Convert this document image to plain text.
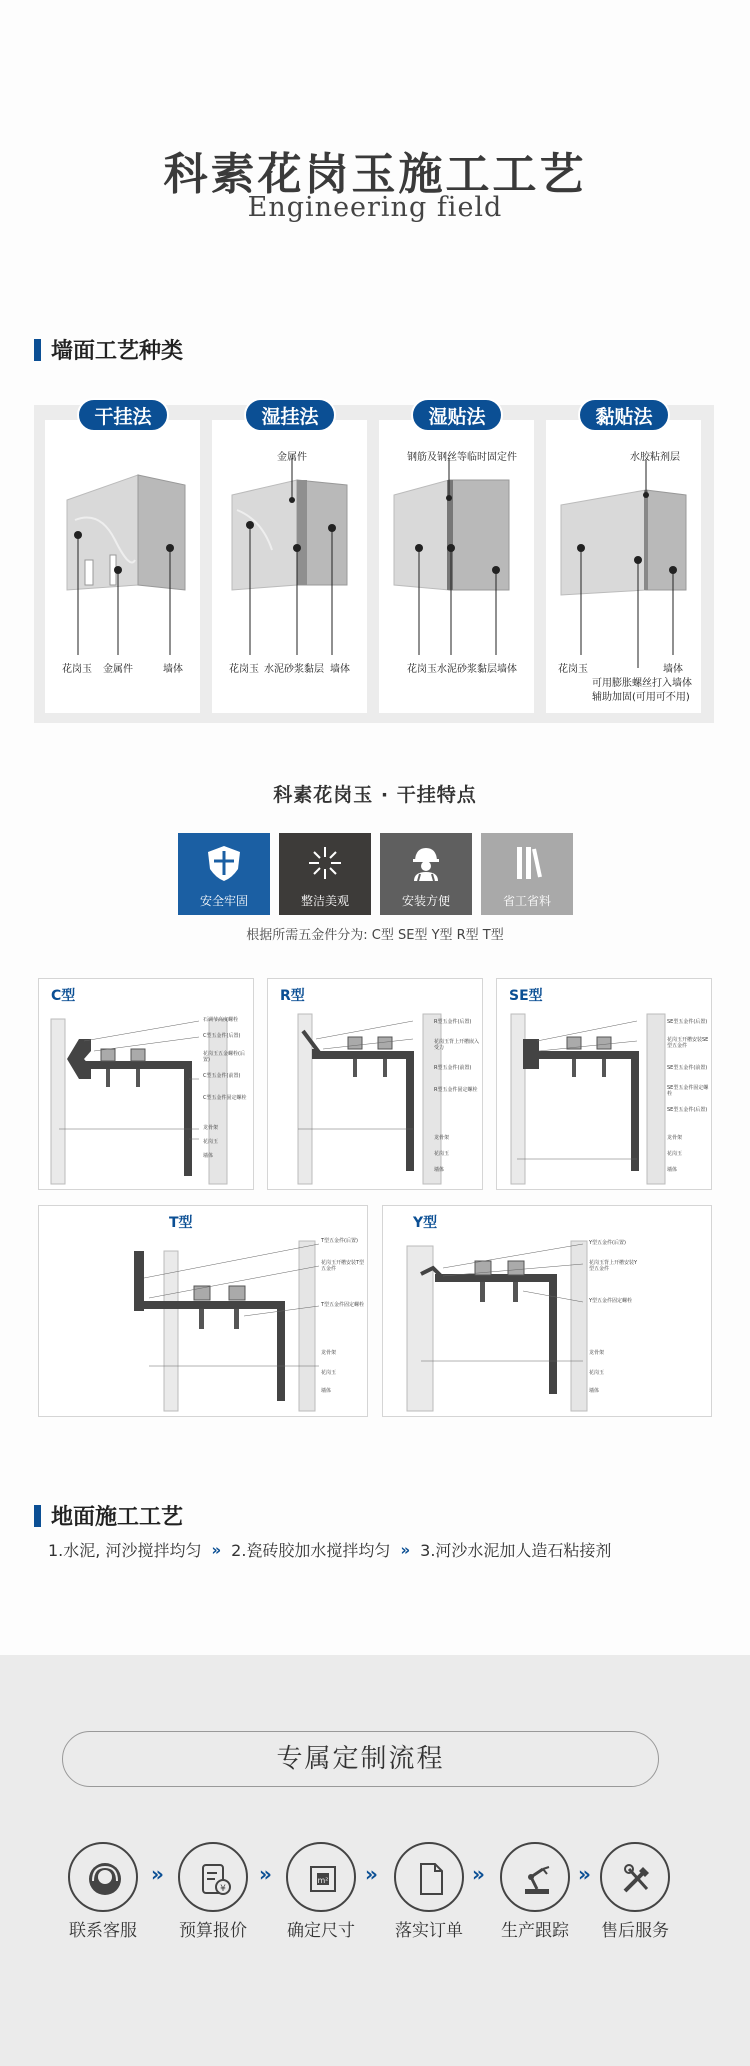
科素花岗玉施工工艺
Engineering field
墙面工艺种类
花岗玉 金属件	墙体
干挂法
金属件
花岗玉 水泥砂浆黏层 墙体
湿挂法
钢筋及钢丝等临时固定件
花岗玉 水泥砂浆黏层 墙体
湿贴法
水胶粘剂层
花岗玉	墙体
可用膨胀螺丝打入墙体
辅助加固(可用可不用)
黏贴法
科素花岗玉 · 干挂特点
安全牢固	整洁美观	安装方便	省工省料
根据所需五金件分为: C型 SE型 Y型 R型 T型
C型
石调节高度螺栓
C型五金件(后置)
花岗玉五金螺栓(后置)
C型五金件(前置)
C型五金件固定螺栓
龙骨架
花岗玉
墙体
R型
R型五金件(后置)
花岗玉背上开槽嵌入受力
R型五金件(前置)
R型五金件固定螺栓
龙骨架
花岗玉
墙体
SE型
SE型五金件(后置)
花岗玉开槽安装SE型五金件
SE型五金件(前置)
SE型五金件固定螺栓
SE型五金件(后置)
龙骨架
花岗玉
墙体
T型
T型五金件(后置)
花岗玉开槽安装T型五金件
T型五金件固定螺栓
龙骨架
花岗玉
墙体
Y型
Y型五金件(后置)
花岗玉背上开槽安装Y型五金件
Y型五金件固定螺栓
龙骨架
花岗玉
墙体
地面施工工艺
1.水泥, 河沙搅拌均匀 » 2.瓷砖胶加水搅拌均匀 » 3.河沙水泥加人造石粘接剂
专属定制流程
联系客服
»
¥
预算报价
»	m²
确定尺寸
»
落实订单
»
生产跟踪
»
售后服务
